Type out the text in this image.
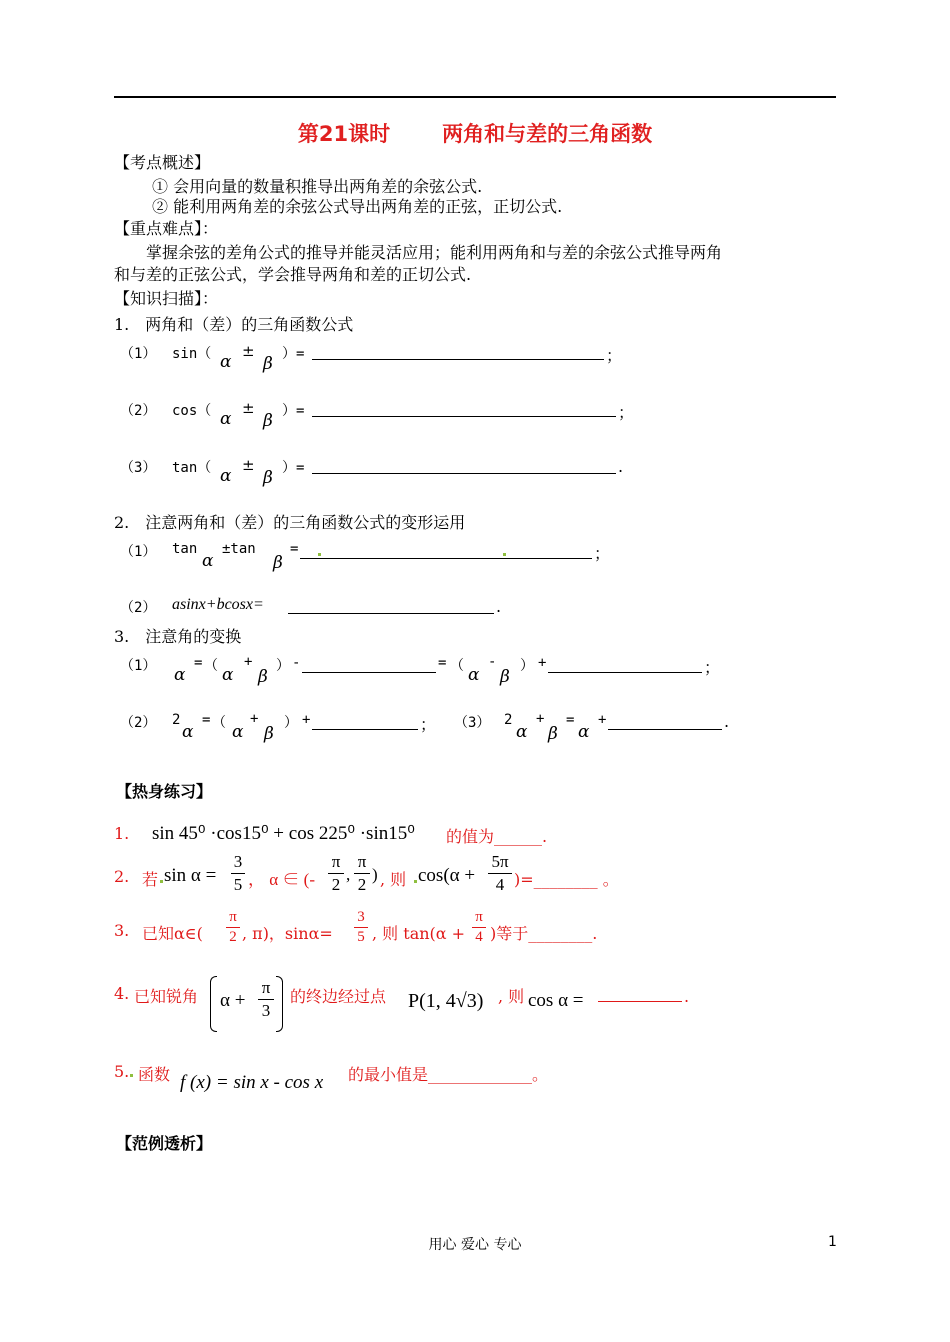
第21课时 两角和与差的三角函数
【考点概述】
① 会用向量的数量积推导出两角差的余弦公式.
② 能利用两角差的余弦公式导出两角差的正弦，正切公式.
【重点难点】：
掌握余弦的差角公式的推导并能灵活应用；能利用两角和与差的余弦公式推导两角
和与差的正弦公式，学会推导两角和差的正切公式.
【知识扫描】：
1.　两角和（差）的三角函数公式
（1） sin（ α
±
β ）=	；
（2） cos（ α
±
β ）=	；
（3） tan（ α
±
β ）=	.
2.　注意两角和（差）的三角函数公式的变形运用
（1） tan
α
±tan
β
=	；
（2） asinx+bcosx=	.
3.　注意角的变换
（1） α
= （ α
+
β
） -	= （ α
-
β
） +	；
（2） 2
α
= （ α
+
β
） +	； （3） 2
α
+
β
=
α
+	.
【热身练习】
1. sin 45⁰ ·cos15⁰ + cos 225⁰ ·sin15⁰ 的值为______.
2. 若 sin α =
3
5 ， α ∈ (-
π
2
,
π
2
) , 则 cos(α +
5π
4 )=________ 。
3. 已知α∈(
π
2 , π)，sinα=
3
5 , 则 tan(α +
π
4 )等于________.
4. 已知锐角 α +
π
3
的终边经过点 P(1, 4√3) , 则 cos α =	.
5. 函数 f (x) = sin x - cos x 的最小值是_____________。
【范例透析】
用心 爱心 专心	1
